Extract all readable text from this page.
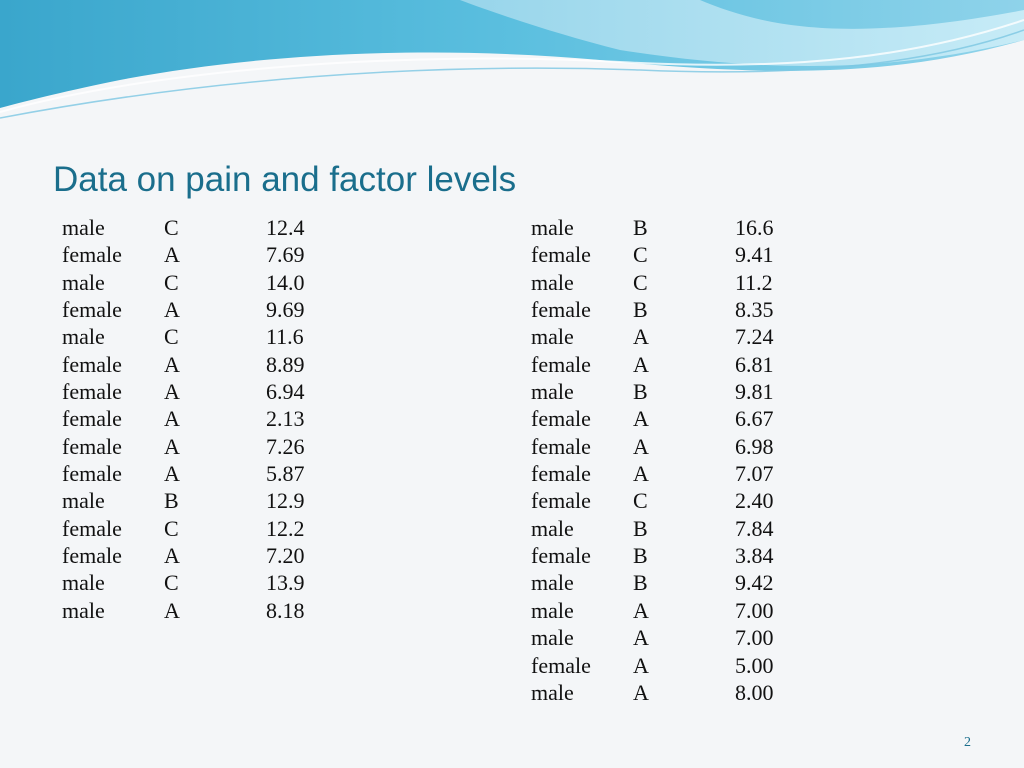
Data on pain and factor levels
male	C	12.4
female	A	7.69
male	C	14.0
female	A	9.69
male	C	11.6
female	A	8.89
female	A	6.94
female	A	2.13
female	A	7.26
female	A	5.87
male	B	12.9
female	C	12.2
female	A	7.20
male	C	13.9
male	A	8.18
male	B	16.6
female	C	9.41
male	C	11.2
female	B	8.35
male	A	7.24
female	A	6.81
male	B	9.81
female	A	6.67
female	A	6.98
female	A	7.07
female	C	2.40
male	B	7.84
female	B	3.84
male	B	9.42
male	A	7.00
male	A	7.00
female	A	5.00
male	A	8.00
2
